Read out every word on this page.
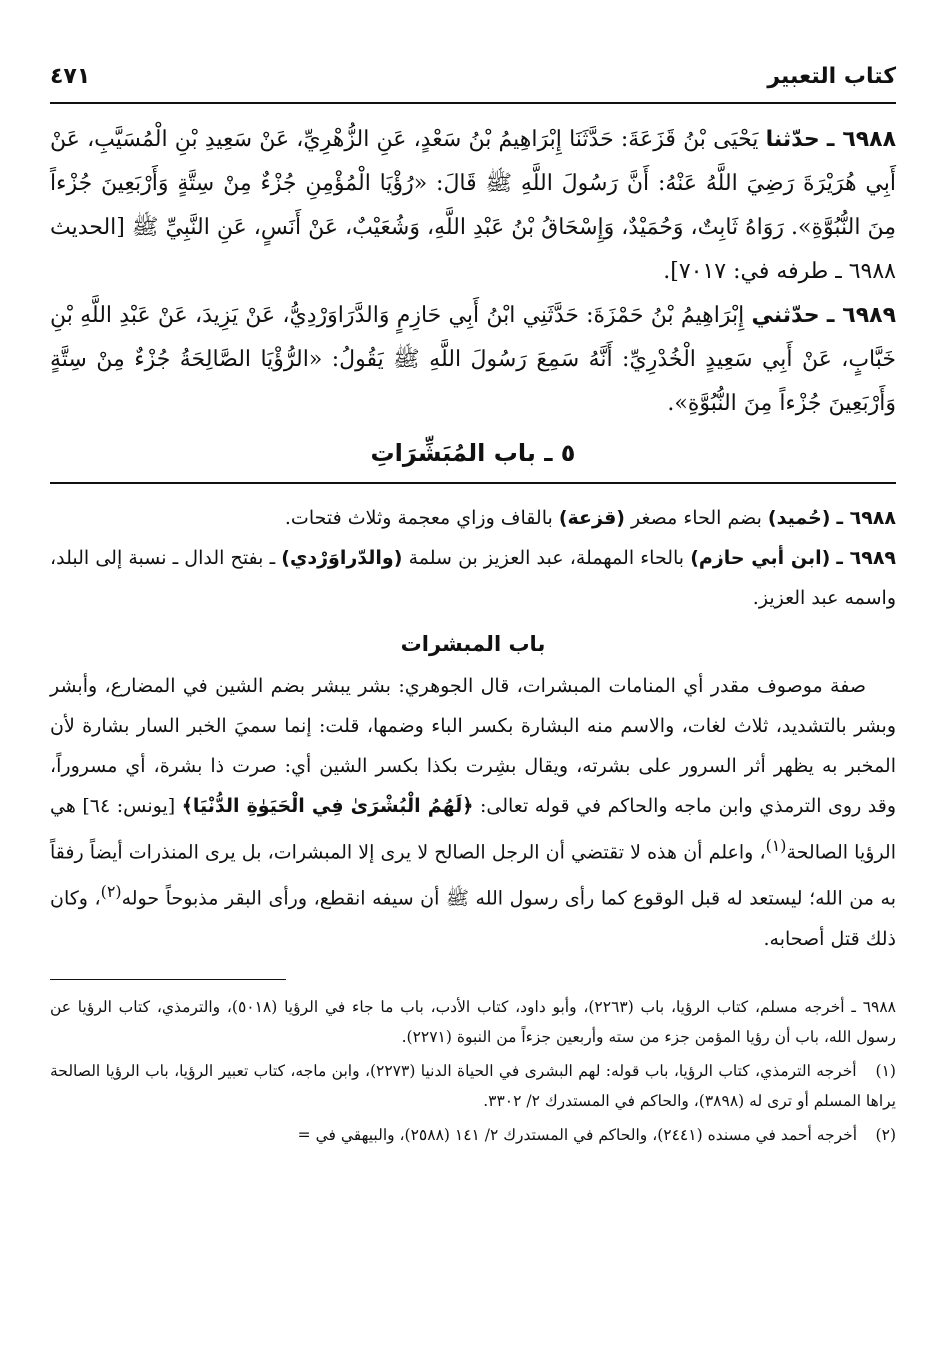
كتاب التعبير
٤٧١

٦٩٨٨ ـ حدّثنا يَحْيَى بْنُ قَزَعَةَ: حَدَّثَنَا إِبْرَاهِيمُ بْنُ سَعْدٍ، عَنِ الزُّهْرِيِّ، عَنْ سَعِيدِ بْنِ الْمُسَيَّبِ، عَنْ أَبِي هُرَيْرَةَ رَضِيَ اللَّهُ عَنْهُ: أَنَّ رَسُولَ اللَّهِ ﷺ قَالَ: «رُؤْيَا الْمُؤْمِنِ جُزْءٌ مِنْ سِتَّةٍ وَأَرْبَعِينَ جُزْءاً مِنَ النُّبُوَّةِ». رَوَاهُ ثَابِتٌ، وَحُمَيْدٌ، وَإِسْحَاقُ بْنُ عَبْدِ اللَّهِ، وَشُعَيْبٌ، عَنْ أَنَسٍ، عَنِ النَّبِيِّ ﷺ [الحديث ٦٩٨٨ ـ طرفه في: ٧٠١٧].

٦٩٨٩ ـ حدّثني إِبْرَاهِيمُ بْنُ حَمْزَةَ: حَدَّثَنِي ابْنُ أَبِي حَازِمٍ وَالدَّرَاوَرْدِيُّ، عَنْ يَزِيدَ، عَنْ عَبْدِ اللَّهِ بْنِ خَبَّابٍ، عَنْ أَبِي سَعِيدٍ الْخُدْرِيِّ: أَنَّهُ سَمِعَ رَسُولَ اللَّهِ ﷺ يَقُولُ: «الرُّؤْيَا الصَّالِحَةُ جُزْءٌ مِنْ سِتَّةٍ وَأَرْبَعِينَ جُزْءاً مِنَ النُّبُوَّةِ».

٥ ـ باب المُبَشِّرَاتِ

٦٩٨٨ ـ (حُميد) بضم الحاء مصغر (قزعة) بالقاف وزاي معجمة وثلاث فتحات.

٦٩٨٩ ـ (ابن أبي حازم) بالحاء المهملة، عبد العزيز بن سلمة (والدّراوَرْدي) ـ بفتح الدال ـ نسبة إلى البلد، واسمه عبد العزيز.

باب المبشرات

صفة موصوف مقدر أي المنامات المبشرات، قال الجوهري: بشر يبشر بضم الشين في المضارع، وأبشر وبشر بالتشديد، ثلاث لغات، والاسم منه البشارة بكسر الباء وضمها، قلت: إنما سميَ الخبر السار بشارة لأن المخبر به يظهر أثر السرور على بشرته، ويقال بشِرت بكذا بكسر الشين أي: صرت ذا بشرة، أي مسروراً، وقد روى الترمذي وابن ماجه والحاكم في قوله تعالى: ﴿لَهُمُ الْبُشْرَىٰ فِي الْحَيَوٰةِ الدُّنْيَا﴾ [يونس: ٦٤] هي الرؤيا الصالحة$^{(١)}$، واعلم أن هذه لا تقتضي أن الرجل الصالح لا يرى إلا المبشرات، بل يرى المنذرات أيضاً رفقاً به من الله؛ ليستعد له قبل الوقوع كما رأى رسول الله ﷺ أن سيفه انقطع، ورأى البقر مذبوحاً حوله$^{(٢)}$، وكان ذلك قتل أصحابه.

٦٩٨٨ ـ أخرجه مسلم، كتاب الرؤيا، باب (٢٢٦٣)، وأبو داود، كتاب الأدب، باب ما جاء في الرؤيا (٥٠١٨)، والترمذي، كتاب الرؤيا عن رسول الله، باب أن رؤيا المؤمن جزء من سته وأربعين جزءاً من النبوة (٢٢٧١).

(١) أخرجه الترمذي، كتاب الرؤيا، باب قوله: لهم البشرى في الحياة الدنيا (٢٢٧٣)، وابن ماجه، كتاب تعبير الرؤيا، باب الرؤيا الصالحة يراها المسلم أو ترى له (٣٨٩٨)، والحاكم في المستدرك ٢/ ٣٣٠٢.

(٢) أخرجه أحمد في مسنده (٢٤٤١)، والحاكم في المستدرك ٢/ ١٤١ (٢٥٨٨)، والبيهقي في =
